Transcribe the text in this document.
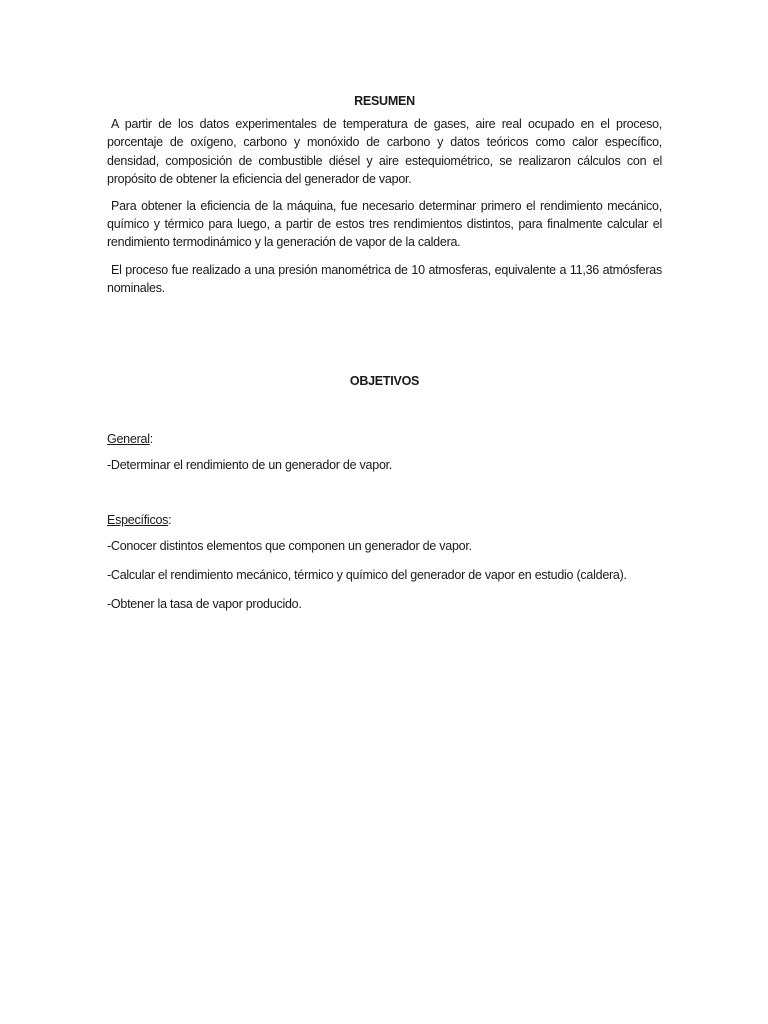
RESUMEN

A partir de los datos experimentales de temperatura de gases, aire real ocupado en el proceso, porcentaje de oxígeno, carbono y monóxido de carbono y datos teóricos como calor específico, densidad, composición de combustible diésel y aire estequiométrico, se realizaron cálculos con el propósito de obtener la eficiencia del generador de vapor.

Para obtener la eficiencia de la máquina, fue necesario determinar primero el rendimiento mecánico, químico y térmico para luego, a partir de estos tres rendimientos distintos, para finalmente calcular el rendimiento termodinámico y la generación de vapor de la caldera.

El proceso fue realizado a una presión manométrica de 10 atmosferas, equivalente a 11,36 atmósferas nominales.

OBJETIVOS

General:

-Determinar el rendimiento de un generador de vapor.

Específicos:

-Conocer distintos elementos que componen un generador de vapor.

-Calcular el rendimiento mecánico, térmico y químico del generador de vapor en estudio (caldera).

-Obtener la tasa de vapor producido.
